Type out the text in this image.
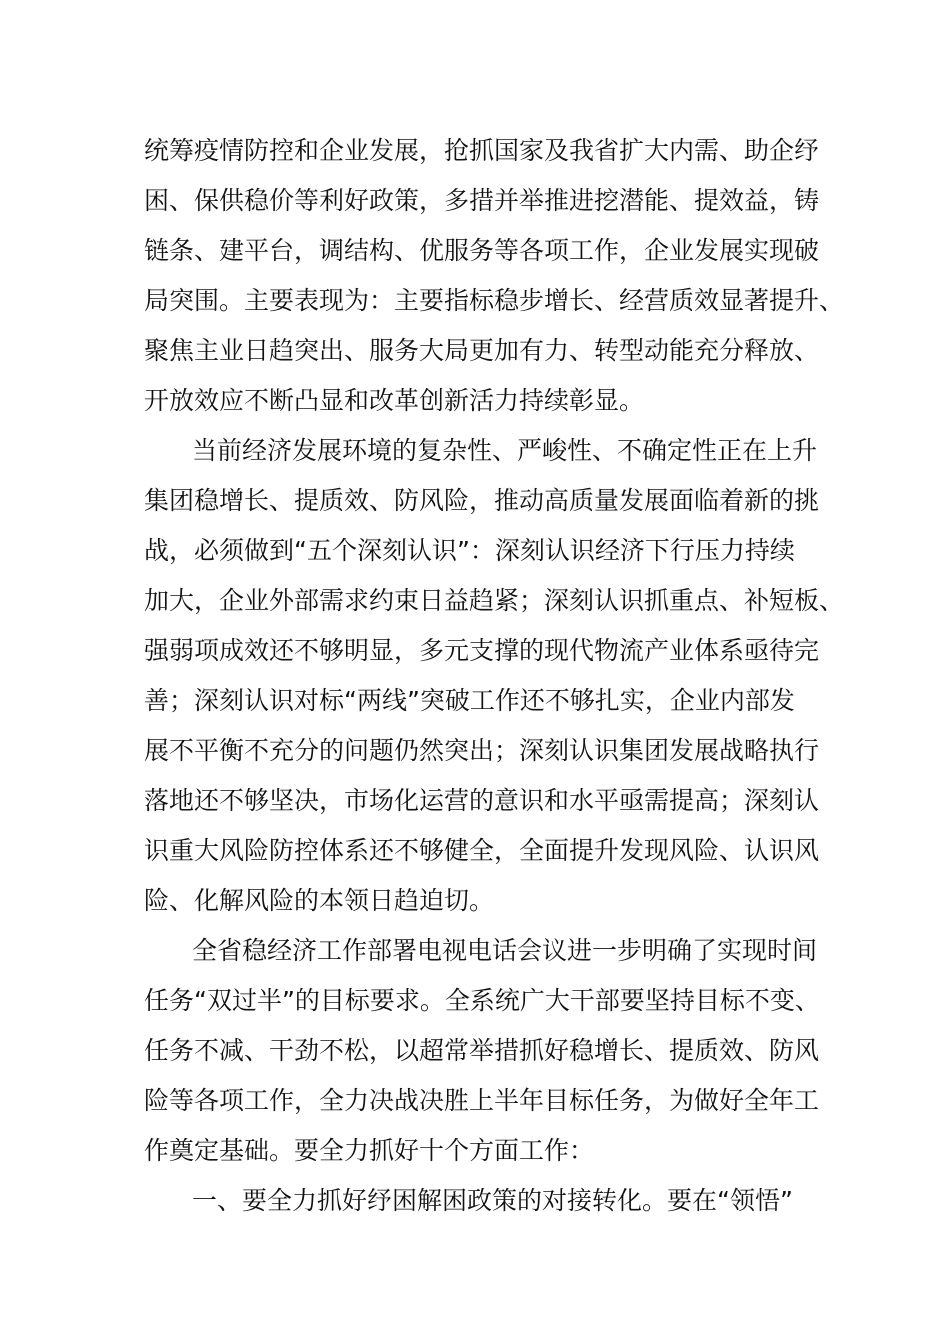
统筹疫情防控和企业发展，抢抓国家及我省扩大内需、助企纾
困、保供稳价等利好政策，多措并举推进挖潜能、提效益，铸
链条、建平台，调结构、优服务等各项工作，企业发展实现破
局突围。主要表现为：主要指标稳步增长、经营质效显著提升、
聚焦主业日趋突出、服务大局更加有力、转型动能充分释放、
开放效应不断凸显和改革创新活力持续彰显。
当前经济发展环境的复杂性、严峻性、不确定性正在上升
集团稳增长、提质效、防风险，推动高质量发展面临着新的挑
战，必须做到“五个深刻认识”：深刻认识经济下行压力持续
加大，企业外部需求约束日益趋紧；深刻认识抓重点、补短板、
强弱项成效还不够明显，多元支撑的现代物流产业体系亟待完
善；深刻认识对标“两线”突破工作还不够扎实，企业内部发
展不平衡不充分的问题仍然突出；深刻认识集团发展战略执行
落地还不够坚决，市场化运营的意识和水平亟需提高；深刻认
识重大风险防控体系还不够健全，全面提升发现风险、认识风
险、化解风险的本领日趋迫切。
全省稳经济工作部署电视电话会议进一步明确了实现时间
任务“双过半”的目标要求。全系统广大干部要坚持目标不变、
任务不减、干劲不松，以超常举措抓好稳增长、提质效、防风
险等各项工作，全力决战决胜上半年目标任务，为做好全年工
作奠定基础。要全力抓好十个方面工作：
一、要全力抓好纾困解困政策的对接转化。要在“领悟”
